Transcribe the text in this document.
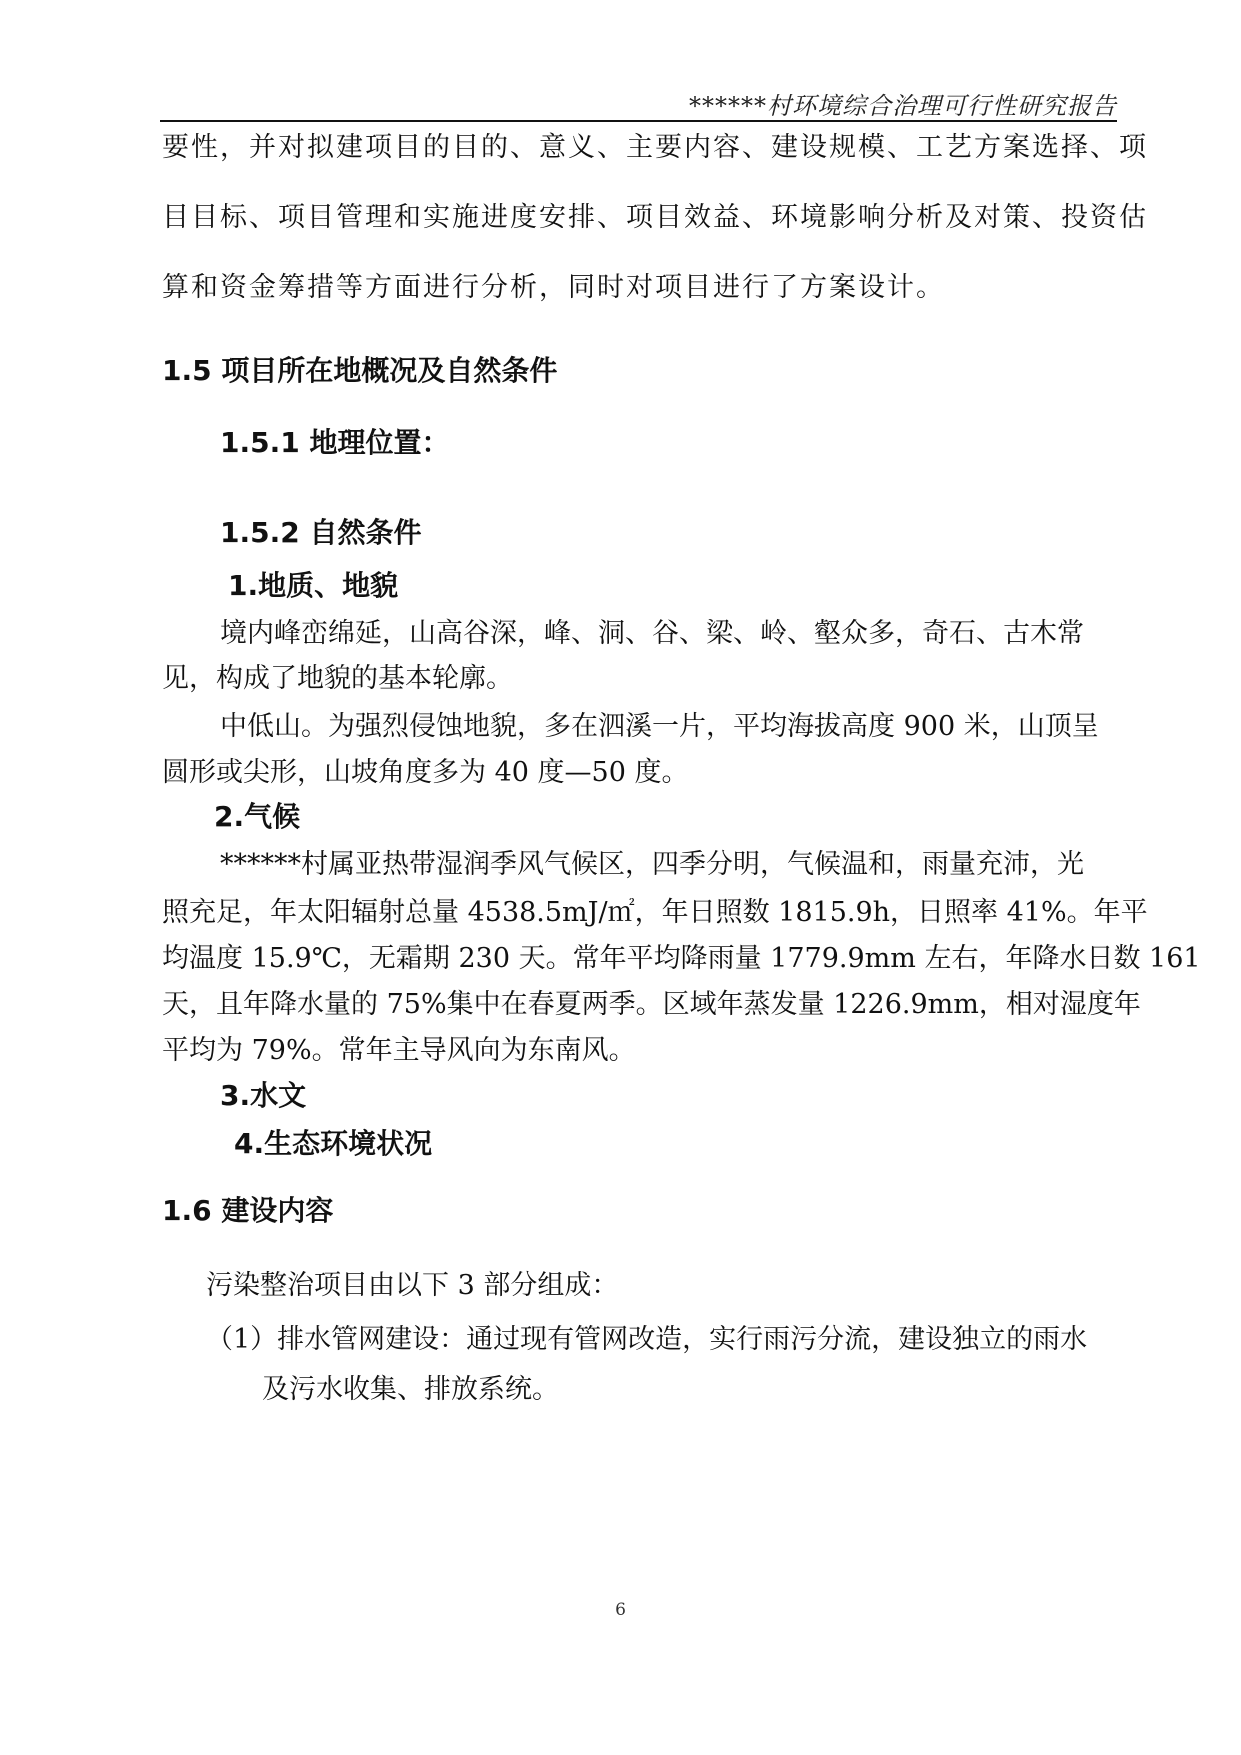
******村环境综合治理可行性研究报告
要性，并对拟建项目的目的、意义、主要内容、建设规模、工艺方案选择、项
目目标、项目管理和实施进度安排、项目效益、环境影响分析及对策、投资估
算和资金筹措等方面进行分析，同时对项目进行了方案设计。
1.5 项目所在地概况及自然条件
1.5.1 地理位置：
1.5.2 自然条件
1.地质、地貌
境内峰峦绵延，山高谷深，峰、洞、谷、梁、岭、壑众多，奇石、古木常
见，构成了地貌的基本轮廓。
中低山。为强烈侵蚀地貌，多在泗溪一片，平均海拔高度 900 米，山顶呈
圆形或尖形，山坡角度多为 40 度—50 度。
2.气候
******村属亚热带湿润季风气候区，四季分明，气候温和，雨量充沛，光
照充足，年太阳辐射总量 4538.5mJ/㎡，年日照数 1815.9h，日照率 41%。年平
均温度 15.9℃，无霜期 230 天。常年平均降雨量 1779.9mm 左右，年降水日数 161
天，且年降水量的 75%集中在春夏两季。区域年蒸发量 1226.9mm，相对湿度年
平均为 79%。常年主导风向为东南风。
3.水文
4.生态环境状况
1.6 建设内容
污染整治项目由以下 3 部分组成：
（1）排水管网建设：通过现有管网改造，实行雨污分流，建设独立的雨水
及污水收集、排放系统。
6
